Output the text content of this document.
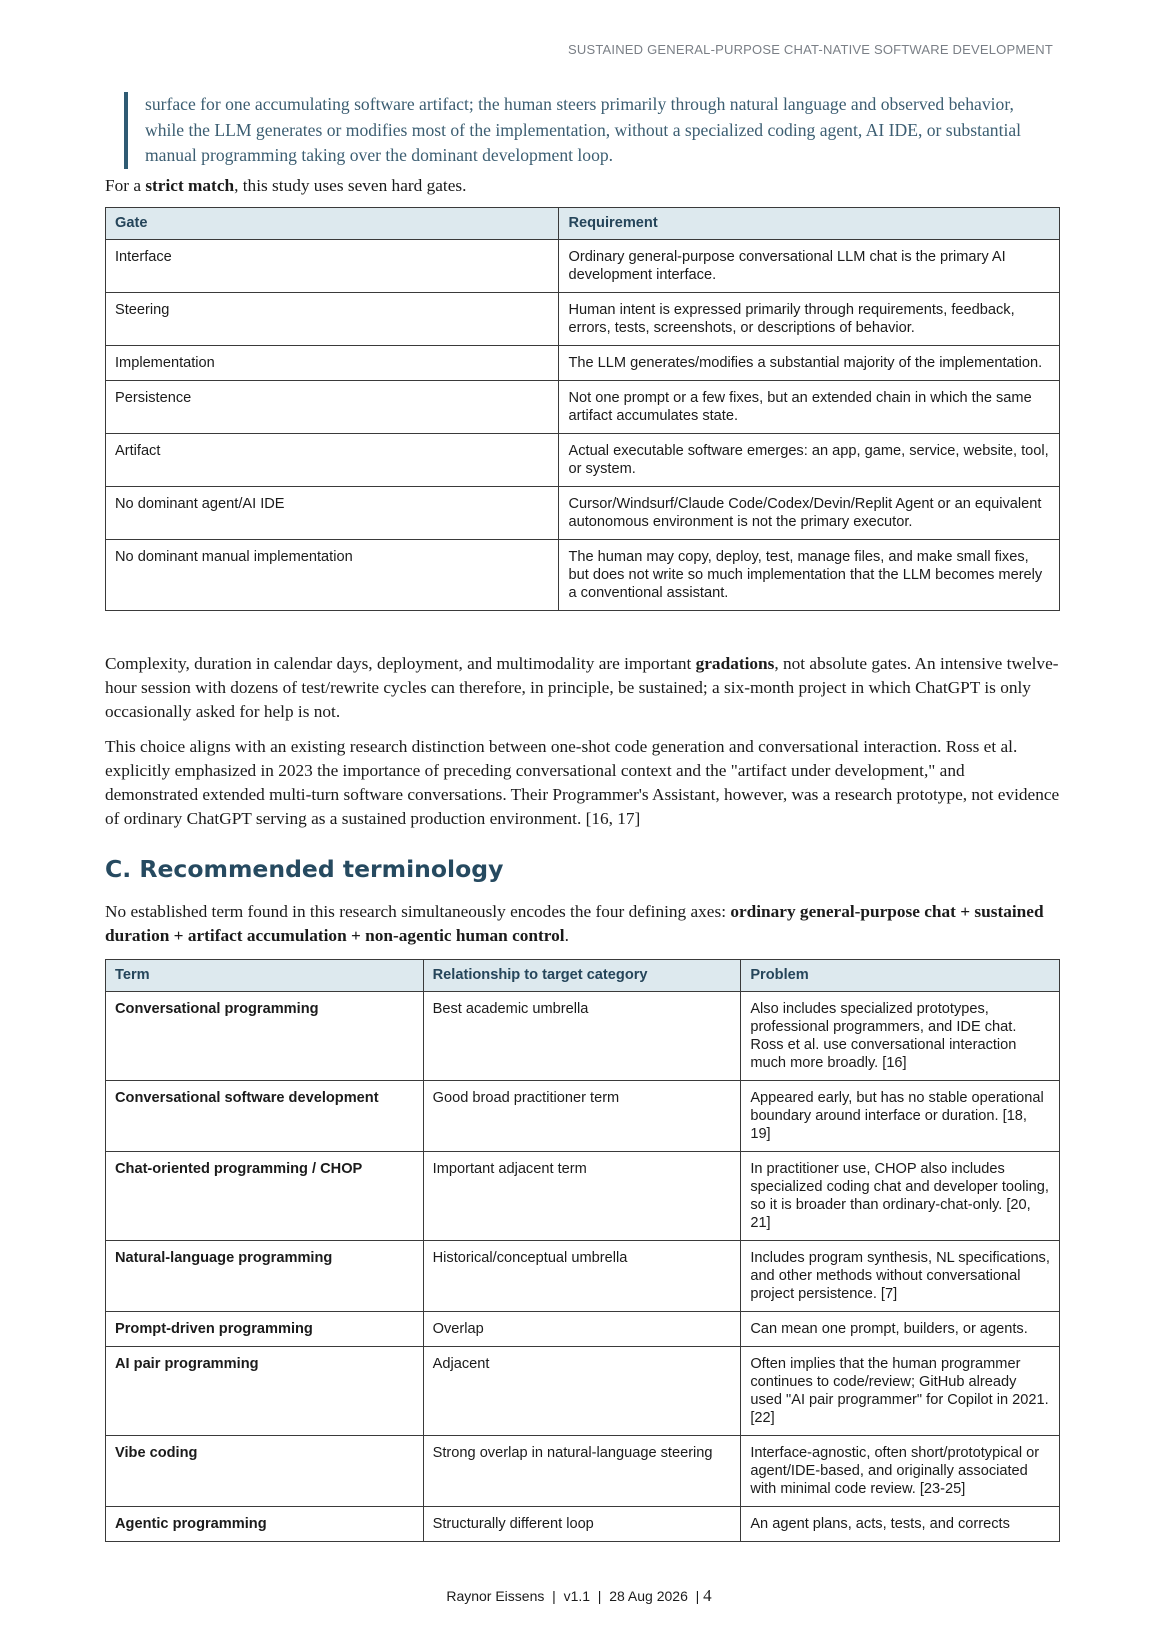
SUSTAINED GENERAL-PURPOSE CHAT-NATIVE SOFTWARE DEVELOPMENT
surface for one accumulating software artifact; the human steers primarily through natural language and observed behavior, while the LLM generates or modifies most of the implementation, without a specialized coding agent, AI IDE, or substantial manual programming taking over the dominant development loop.

For a strict match, this study uses seven hard gates.

Gate	Requirement
Interface	Ordinary general-purpose conversational LLM chat is the primary AI development interface.
Steering	Human intent is expressed primarily through requirements, feedback, errors, tests, screenshots, or descriptions of behavior.
Implementation	The LLM generates/modifies a substantial majority of the implementation.
Persistence	Not one prompt or a few fixes, but an extended chain in which the same artifact accumulates state.
Artifact	Actual executable software emerges: an app, game, service, website, tool, or system.
No dominant agent/AI IDE	Cursor/Windsurf/Claude Code/Codex/Devin/Replit Agent or an equivalent autonomous environment is not the primary executor.
No dominant manual implementation	The human may copy, deploy, test, manage files, and make small fixes, but does not write so much implementation that the LLM becomes merely a conventional assistant.

Complexity, duration in calendar days, deployment, and multimodality are important gradations, not absolute gates. An intensive twelve-hour session with dozens of test/rewrite cycles can therefore, in principle, be sustained; a six-month project in which ChatGPT is only occasionally asked for help is not.

This choice aligns with an existing research distinction between one-shot code generation and conversational interaction. Ross et al. explicitly emphasized in 2023 the importance of preceding conversational context and the "artifact under development," and demonstrated extended multi-turn software conversations. Their Programmer's Assistant, however, was a research prototype, not evidence of ordinary ChatGPT serving as a sustained production environment. [16, 17]

C. Recommended terminology

No established term found in this research simultaneously encodes the four defining axes: ordinary general-purpose chat + sustained duration + artifact accumulation + non-agentic human control.

Term	Relationship to target category	Problem
Conversational programming	Best academic umbrella	Also includes specialized prototypes, professional programmers, and IDE chat. Ross et al. use conversational interaction much more broadly. [16]
Conversational software development	Good broad practitioner term	Appeared early, but has no stable operational boundary around interface or duration. [18, 19]
Chat-oriented programming / CHOP	Important adjacent term	In practitioner use, CHOP also includes specialized coding chat and developer tooling, so it is broader than ordinary-chat-only. [20, 21]
Natural-language programming	Historical/conceptual umbrella	Includes program synthesis, NL specifications, and other methods without conversational project persistence. [7]
Prompt-driven programming	Overlap	Can mean one prompt, builders, or agents.
AI pair programming	Adjacent	Often implies that the human programmer continues to code/review; GitHub already used "AI pair programmer" for Copilot in 2021. [22]
Vibe coding	Strong overlap in natural-language steering	Interface-agnostic, often short/prototypical or agent/IDE-based, and originally associated with minimal code review. [23-25]
Agentic programming	Structurally different loop	An agent plans, acts, tests, and corrects
Raynor Eissens  |  v1.1  |  28 Aug 2026  | 4
